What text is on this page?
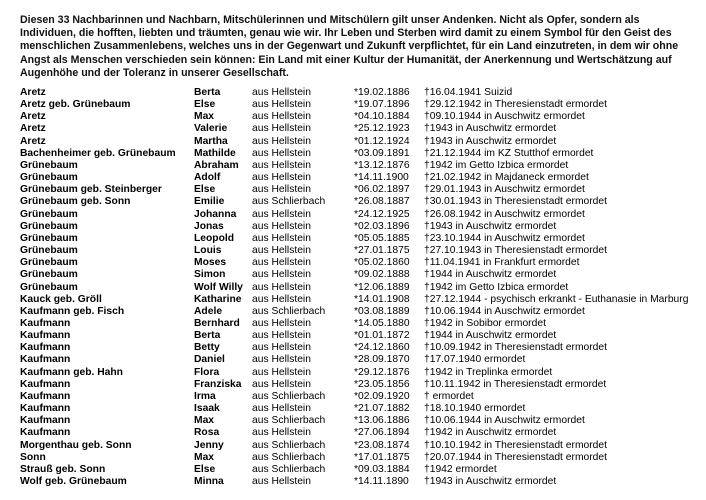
Diesen 33 Nachbarinnen und Nachbarn, Mitschülerinnen und Mitschülern gilt unser Andenken. Nicht als Opfer, sondern als Individuen, die hofften, liebten und träumten, genau wie wir. Ihr Leben und Sterben wird damit zu einem Symbol für den Geist des menschlichen Zusammenlebens, welches uns in der Gegenwart und Zukunft verpflichtet, für ein Land einzutreten, in dem wir ohne Angst als Menschen verschieden sein können: Ein Land mit einer Kultur der Humanität, der Anerkennung und Wertschätzung auf Augenhöhe und der Toleranz in unserer Gesellschaft.

Aretz	Berta	aus Hellstein	*19.02.1886	†16.04.1941 Suizid
Aretz geb. Grünebaum	Else	aus Hellstein	*19.07.1896	†29.12.1942 in Theresienstadt ermordet
Aretz	Max	aus Hellstein	*04.10.1884	†09.10.1944 in Auschwitz ermordet
Aretz	Valerie	aus Hellstein	*25.12.1923	†1943 in Auschwitz ermordet
Aretz	Martha	aus Hellstein	*01.12.1924	†1943 in Auschwitz ermordet
Bachenheimer geb. Grünebaum	Mathilde	aus Hellstein	*03.09.1891	†21.12.1944 im KZ Stutthof ermordet
Grünebaum	Abraham	aus Hellstein	*13.12.1876	†1942 im Getto Izbica ermordet
Grünebaum	Adolf	aus Hellstein	*14.11.1900	†21.02.1942 in Majdaneck ermordet
Grünebaum geb. Steinberger	Else	aus Hellstein	*06.02.1897	†29.01.1943 in Auschwitz ermordet
Grünebaum geb. Sonn	Emilie	aus Schlierbach	*26.08.1887	†30.01.1943 in Theresienstadt ermordet
Grünebaum	Johanna	aus Hellstein	*24.12.1925	†26.08.1942 in Auschwitz ermordet
Grünebaum	Jonas	aus Hellstein	*02.03.1896	†1943 in Auschwitz ermordet
Grünebaum	Leopold	aus Hellstein	*05.05.1885	†23.10.1944 in Auschwitz ermordet
Grünebaum	Louis	aus Hellstein	*27.01.1875	†27.10.1943 in Theresienstadt ermordet
Grünebaum	Moses	aus Hellstein	*05.02.1860	†11.04.1941 in Frankfurt ermordet
Grünebaum	Simon	aus Hellstein	*09.02.1888	†1944 in Auschwitz ermordet
Grünebaum	Wolf Willy	aus Hellstein	*12.06.1889	†1942 im Getto Izbica ermordet
Kauck geb. Gröll	Katharine	aus Hellstein	*14.01.1908	†27.12.1944 - psychisch erkrankt - Euthanasie in Marburg
Kaufmann geb. Fisch	Adele	aus Schlierbach	*03.08.1889	†10.06.1944 in Auschwitz ermordet
Kaufmann	Bernhard	aus Hellstein	*14.05.1880	†1942 in Sobibor ermordet
Kaufmann	Berta	aus Hellstein	*01.01.1872	†1944 in Auschwitz ermordet
Kaufmann	Betty	aus Hellstein	*24.12.1860	†10.09.1942 in Theresienstadt ermordet
Kaufmann	Daniel	aus Hellstein	*28.09.1870	†17.07.1940 ermordet
Kaufmann geb. Hahn	Flora	aus Hellstein	*29.12.1876	†1942 in Treplinka ermordet
Kaufmann	Franziska	aus Hellstein	*23.05.1856	†10.11.1942 in Theresienstadt ermordet
Kaufmann	Irma	aus Schlierbach	*02.09.1920	† ermordet
Kaufmann	Isaak	aus Hellstein	*21.07.1882	†18.10.1940 ermordet
Kaufmann	Max	aus Schlierbach	*13.06.1886	†10.06.1944 in Auschwitz ermordet
Kaufmann	Rosa	aus Hellstein	*27.06.1894	†1942 in Auschwitz ermordet
Morgenthau geb. Sonn	Jenny	aus Schlierbach	*23.08.1874	†10.10.1942 in Theresienstadt ermordet
Sonn	Max	aus Schlierbach	*17.01.1875	†20.07.1944 in Theresienstadt ermordet
Strauß geb. Sonn	Else	aus Schlierbach	*09.03.1884	†1942 ermordet
Wolf geb. Grünebaum	Minna	aus Hellstein	*14.11.1890	†1943 in Auschwitz ermordet
